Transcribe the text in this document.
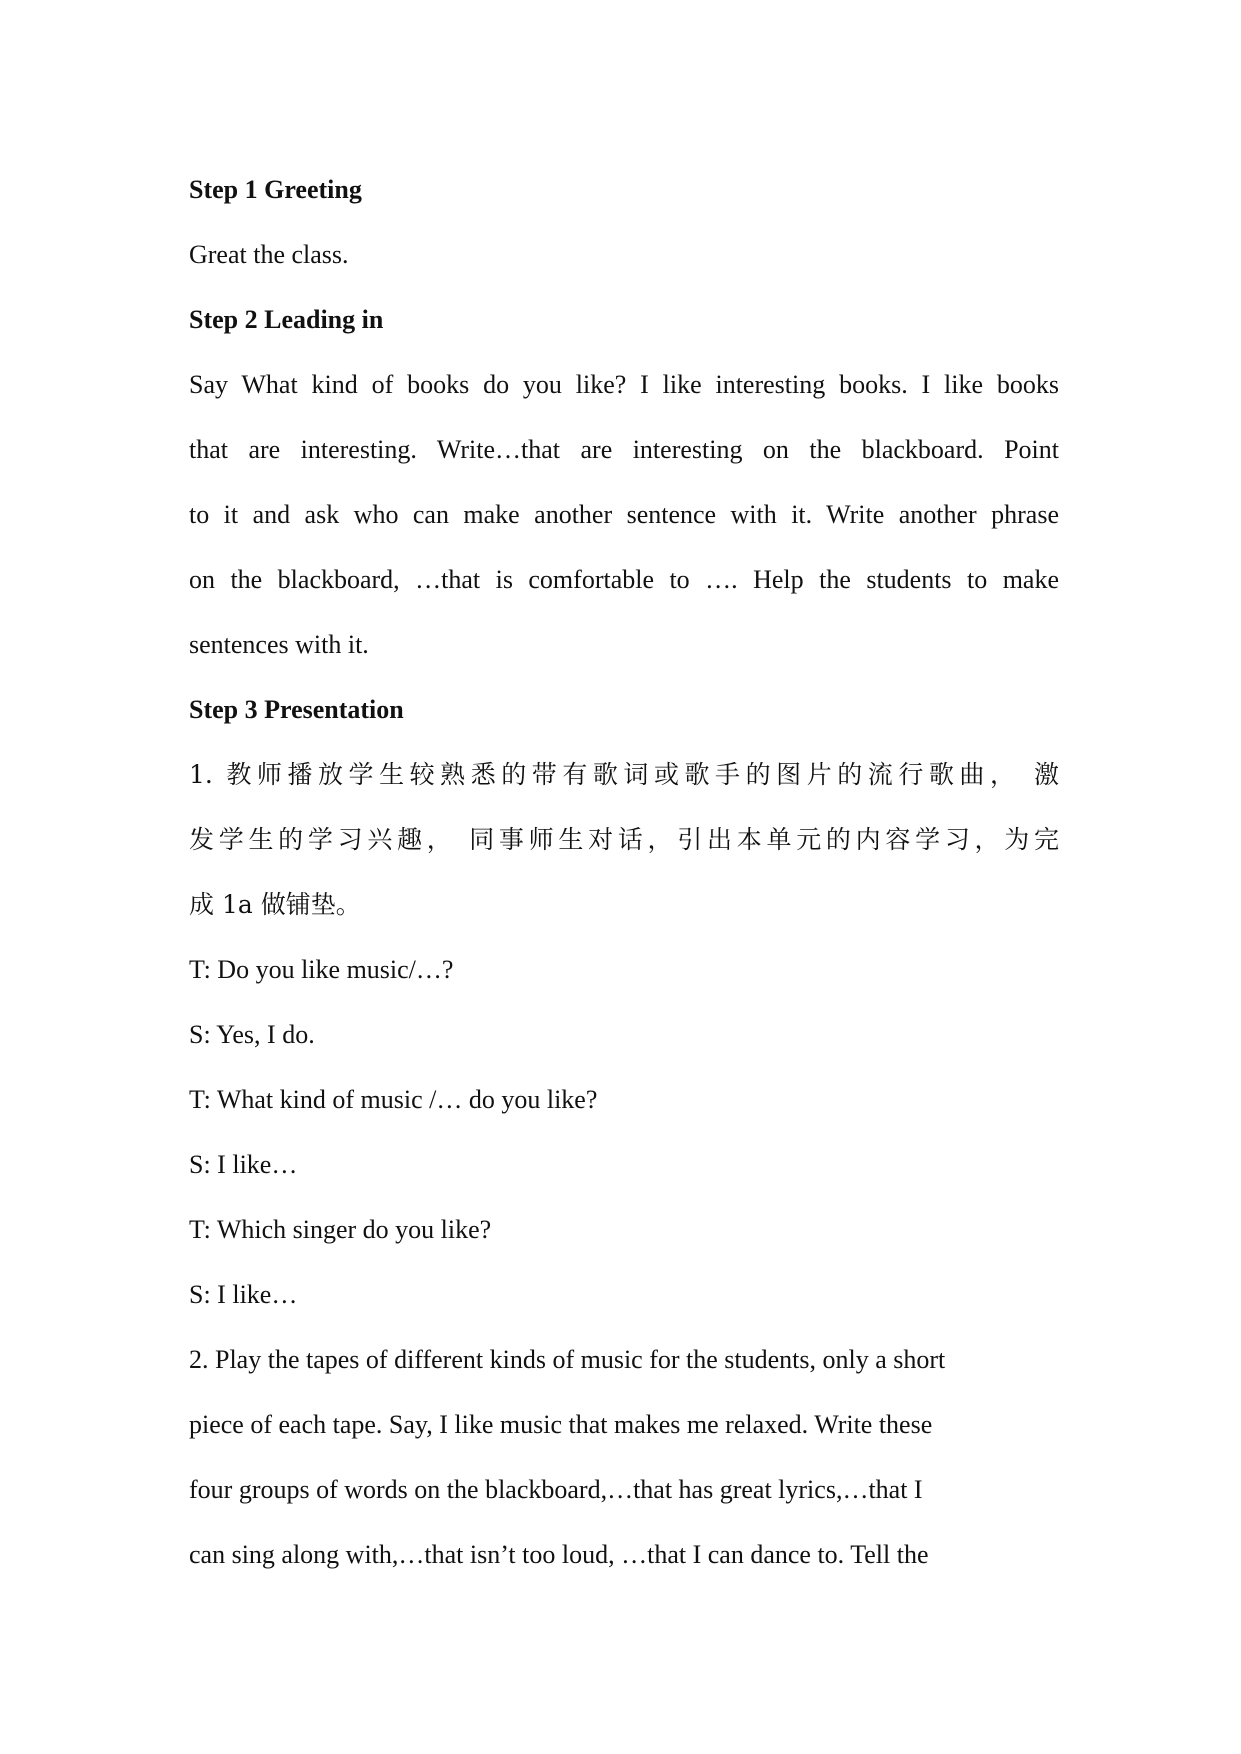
Step 1 Greeting

Great the class.

Step 2 Leading in

Say What kind of books do you like? I like interesting books. I like books

that are interesting. Write…that are interesting on the blackboard. Point

to it and ask who can make another sentence with it. Write another phrase

on the blackboard, …that is comfortable to …. Help the students to make

sentences with it.

Step 3 Presentation

1. 教师播放学生较熟悉的带有歌词或歌手的图片的流行歌曲， 激

发学生的学习兴趣， 同事师生对话，引出本单元的内容学习，为完

成 1a 做铺垫。

T: Do you like music/…?

S: Yes, I do.

T: What kind of music /… do you like?

S: I like…

T: Which singer do you like?

S: I like…

2. Play the tapes of different kinds of music for the students, only a short

piece of each tape. Say, I like music that makes me relaxed. Write these

four groups of words on the blackboard,…that has great lyrics,…that I

can sing along with,…that isn’t too loud, …that I can dance to. Tell the
